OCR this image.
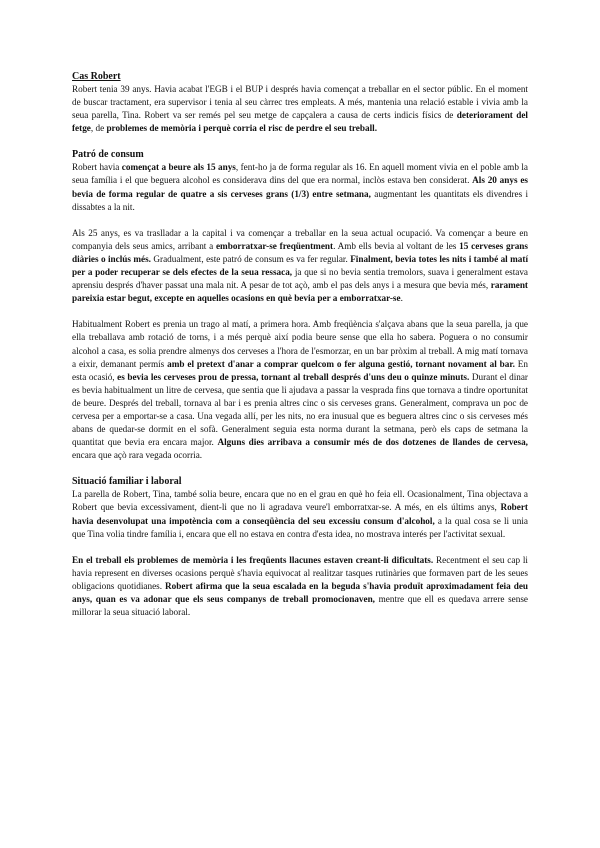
Cas Robert

Robert tenia 39 anys. Havia acabat l'EGB i el BUP i després havia començat a treballar en el sector públic. En el moment de buscar tractament, era supervisor i tenia al seu càrrec tres empleats. A més, mantenia una relació estable i vivia amb la seua parella, Tina. Robert va ser remés pel seu metge de capçalera a causa de certs indicis físics de deteriorament del fetge, de problemes de memòria i perquè corria el risc de perdre el seu treball.

Patró de consum

Robert havia començat a beure als 15 anys, fent-ho ja de forma regular als 16. En aquell moment vivia en el poble amb la seua família i el que beguera alcohol es considerava dins del que era normal, inclòs estava ben considerat. Als 20 anys es bevia de forma regular de quatre a sis cerveses grans (1/3) entre setmana, augmentant les quantitats els divendres i dissabtes a la nit.

Als 25 anys, es va traslladar a la capital i va començar a treballar en la seua actual ocupació. Va començar a beure en companyia dels seus amics, arribant a emborratxar-se freqüentment. Amb ells bevia al voltant de les 15 cerveses grans diàries o inclús més. Gradualment, este patró de consum es va fer regular. Finalment, bevia totes les nits i també al matí per a poder recuperar se dels efectes de la seua ressaca, ja que si no bevia sentia tremolors, suava i generalment estava aprensiu després d'haver passat una mala nit. A pesar de tot açò, amb el pas dels anys i a mesura que bevia més, rarament pareixia estar begut, excepte en aquelles ocasions en què bevia per a emborratxar-se.

Habitualment Robert es prenia un trago al matí, a primera hora. Amb freqüència s'alçava abans que la seua parella, ja que ella treballava amb rotació de torns, i a més perquè així podia beure sense que ella ho sabera. Poguera o no consumir alcohol a casa, es solia prendre almenys dos cerveses a l'hora de l'esmorzar, en un bar pròxim al treball. A mig matí tornava a eixir, demanant permís amb el pretext d'anar a comprar quelcom o fer alguna gestió, tornant novament al bar. En esta ocasió, es bevia les cerveses prou de pressa, tornant al treball després d'uns deu o quinze minuts. Durant el dinar es bevia habitualment un litre de cervesa, que sentia que li ajudava a passar la vesprada fins que tornava a tindre oportunitat de beure. Després del treball, tornava al bar i es prenia altres cinc o sis cerveses grans. Generalment, comprava un poc de cervesa per a emportar-se a casa. Una vegada allí, per les nits, no era inusual que es beguera altres cinc o sis cerveses més abans de quedar-se dormit en el sofà. Generalment seguia esta norma durant la setmana, però els caps de setmana la quantitat que bevia era encara major. Alguns dies arribava a consumir més de dos dotzenes de llandes de cervesa, encara que açò rara vegada ocorria.

Situació familiar i laboral

La parella de Robert, Tina, també solia beure, encara que no en el grau en què ho feia ell. Ocasionalment, Tina objectava a Robert que bevia excessivament, dient-li que no li agradava veure'l emborratxar-se. A més, en els últims anys, Robert havia desenvolupat una impotència com a conseqüència del seu excessiu consum d'alcohol, a la qual cosa se li unia que Tina volia tindre família i, encara que ell no estava en contra d'esta idea, no mostrava interés per l'activitat sexual.

En el treball els problemes de memòria i les freqüents llacunes estaven creant-li dificultats. Recentment el seu cap li havia represent en diverses ocasions perquè s'havia equivocat al realitzar tasques rutinàries que formaven part de les seues obligacions quotidianes. Robert afirma que la seua escalada en la beguda s'havia produït aproximadament feia deu anys, quan es va adonar que els seus companys de treball promocionaven, mentre que ell es quedava arrere sense millorar la seua situació laboral.
